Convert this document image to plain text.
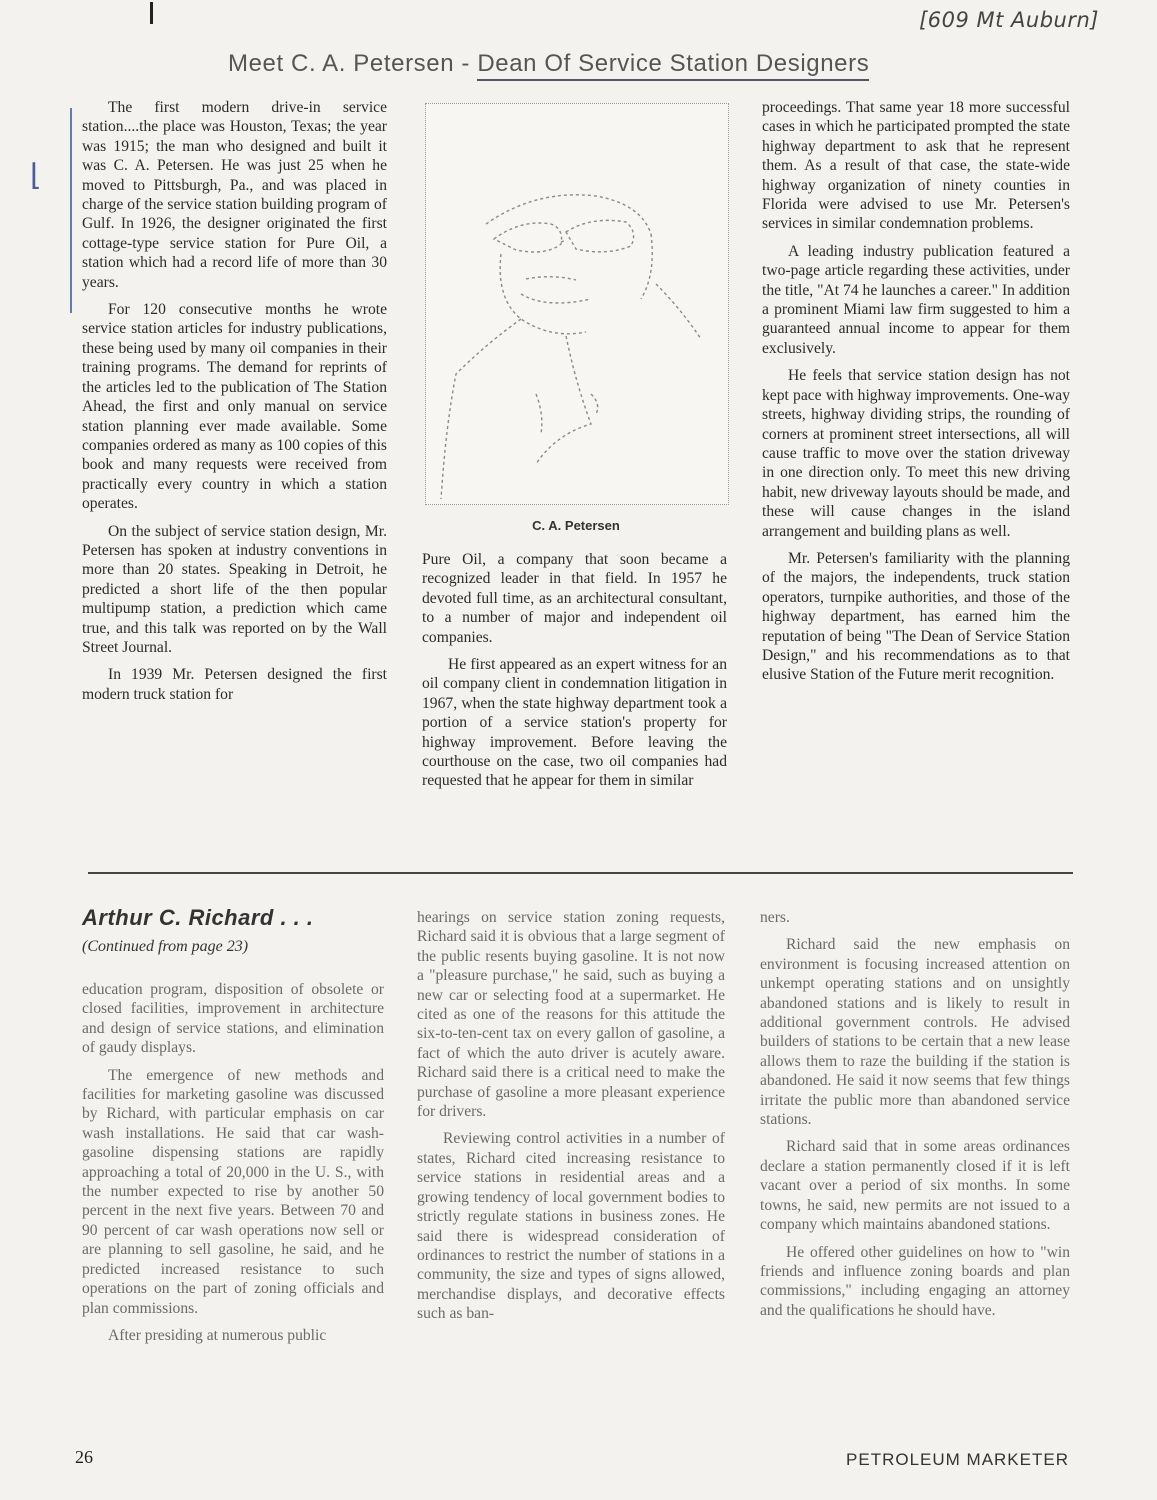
[609 Mt Auburn]
Meet C. A. Petersen - Dean Of Service Station Designers
⌊

The first modern drive-in service station....the place was Houston, Texas; the year was 1915; the man who designed and built it was C. A. Petersen. He was just 25 when he moved to Pittsburgh, Pa., and was placed in charge of the service station building program of Gulf. In 1926, the designer originated the first cottage-type service station for Pure Oil, a station which had a record life of more than 30 years.

For 120 consecutive months he wrote service station articles for industry publications, these being used by many oil companies in their training programs. The demand for reprints of the articles led to the publication of The Station Ahead, the first and only manual on service station planning ever made available. Some companies ordered as many as 100 copies of this book and many requests were received from practically every country in which a station operates.

On the subject of service station design, Mr. Petersen has spoken at industry conventions in more than 20 states. Speaking in Detroit, he predicted a short life of the then popular multipump station, a prediction which came true, and this talk was reported on by the Wall Street Journal.

In 1939 Mr. Petersen designed the first modern truck station for

C. A. Petersen

Pure Oil, a company that soon became a recognized leader in that field. In 1957 he devoted full time, as an architectural consultant, to a number of major and independent oil companies.

He first appeared as an expert witness for an oil company client in condemnation litigation in 1967, when the state highway department took a portion of a service station's property for highway improvement. Before leaving the courthouse on the case, two oil companies had requested that he appear for them in similar

proceedings. That same year 18 more successful cases in which he participated prompted the state highway department to ask that he represent them. As a result of that case, the state-wide highway organization of ninety counties in Florida were advised to use Mr. Petersen's services in similar condemnation problems.

A leading industry publication featured a two-page article regarding these activities, under the title, "At 74 he launches a career." In addition a prominent Miami law firm suggested to him a guaranteed annual income to appear for them exclusively.

He feels that service station design has not kept pace with highway improvements. One-way streets, highway dividing strips, the rounding of corners at prominent street intersections, all will cause traffic to move over the station driveway in one direction only. To meet this new driving habit, new driveway layouts should be made, and these will cause changes in the island arrangement and building plans as well.

Mr. Petersen's familiarity with the planning of the majors, the independents, truck station operators, turnpike authorities, and those of the highway department, has earned him the reputation of being "The Dean of Service Station Design," and his recommendations as to that elusive Station of the Future merit recognition.

Arthur C. Richard . . .
(Continued from page 23)

education program, disposition of obsolete or closed facilities, improvement in architecture and design of service stations, and elimination of gaudy displays.

The emergence of new methods and facilities for marketing gasoline was discussed by Richard, with particular emphasis on car wash installations. He said that car wash-gasoline dispensing stations are rapidly approaching a total of 20,000 in the U. S., with the number expected to rise by another 50 percent in the next five years. Between 70 and 90 percent of car wash operations now sell or are planning to sell gasoline, he said, and he predicted increased resistance to such operations on the part of zoning officials and plan commissions.

After presiding at numerous public

hearings on service station zoning requests, Richard said it is obvious that a large segment of the public resents buying gasoline. It is not now a "pleasure purchase," he said, such as buying a new car or selecting food at a supermarket. He cited as one of the reasons for this attitude the six-to-ten-cent tax on every gallon of gasoline, a fact of which the auto driver is acutely aware. Richard said there is a critical need to make the purchase of gasoline a more pleasant experience for drivers.

Reviewing control activities in a number of states, Richard cited increasing resistance to service stations in residential areas and a growing tendency of local government bodies to strictly regulate stations in business zones. He said there is widespread consideration of ordinances to restrict the number of stations in a community, the size and types of signs allowed, merchandise displays, and decorative effects such as ban-

ners.

Richard said the new emphasis on environment is focusing increased attention on unkempt operating stations and on unsightly abandoned stations and is likely to result in additional government controls. He advised builders of stations to be certain that a new lease allows them to raze the building if the station is abandoned. He said it now seems that few things irritate the public more than abandoned service stations.

Richard said that in some areas ordinances declare a station permanently closed if it is left vacant over a period of six months. In some towns, he said, new permits are not issued to a company which maintains abandoned stations.

He offered other guidelines on how to "win friends and influence zoning boards and plan commissions," including engaging an attorney and the qualifications he should have.

26	PETROLEUM MARKETER
